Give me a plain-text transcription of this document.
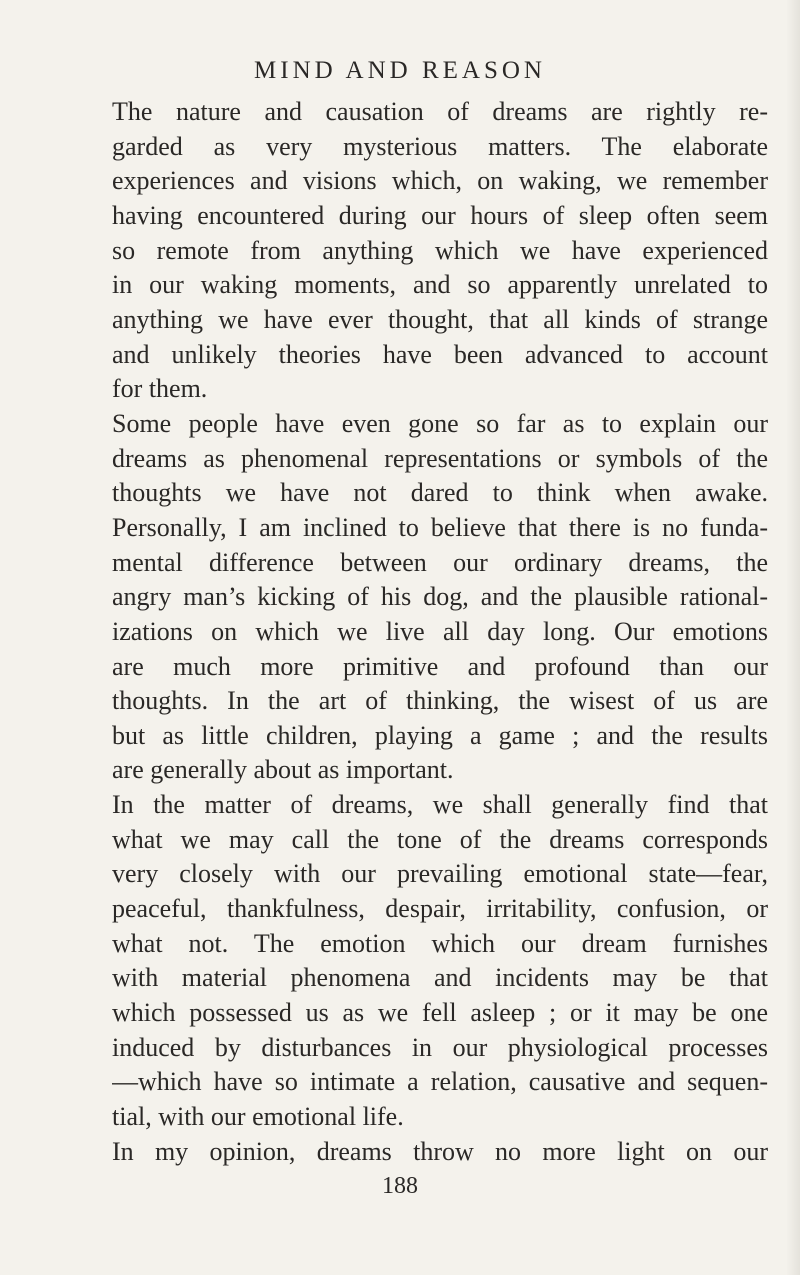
MIND AND REASON
The nature and causation of dreams are rightly re-
garded as very mysterious matters. The elaborate
experiences and visions which, on waking, we remember
having encountered during our hours of sleep often seem
so remote from anything which we have experienced
in our waking moments, and so apparently unrelated to
anything we have ever thought, that all kinds of strange
and unlikely theories have been advanced to account
for them.
Some people have even gone so far as to explain our
dreams as phenomenal representations or symbols of the
thoughts we have not dared to think when awake.
Personally, I am inclined to believe that there is no funda-
mental difference between our ordinary dreams, the
angry man’s kicking of his dog, and the plausible rational-
izations on which we live all day long. Our emotions
are much more primitive and profound than our
thoughts. In the art of thinking, the wisest of us are
but as little children, playing a game ; and the results
are generally about as important.
In the matter of dreams, we shall generally find that
what we may call the tone of the dreams corresponds
very closely with our prevailing emotional state—fear,
peaceful, thankfulness, despair, irritability, confusion, or
what not. The emotion which our dream furnishes
with material phenomena and incidents may be that
which possessed us as we fell asleep ; or it may be one
induced by disturbances in our physiological processes
—which have so intimate a relation, causative and sequen-
tial, with our emotional life.
In my opinion, dreams throw no more light on our
188
